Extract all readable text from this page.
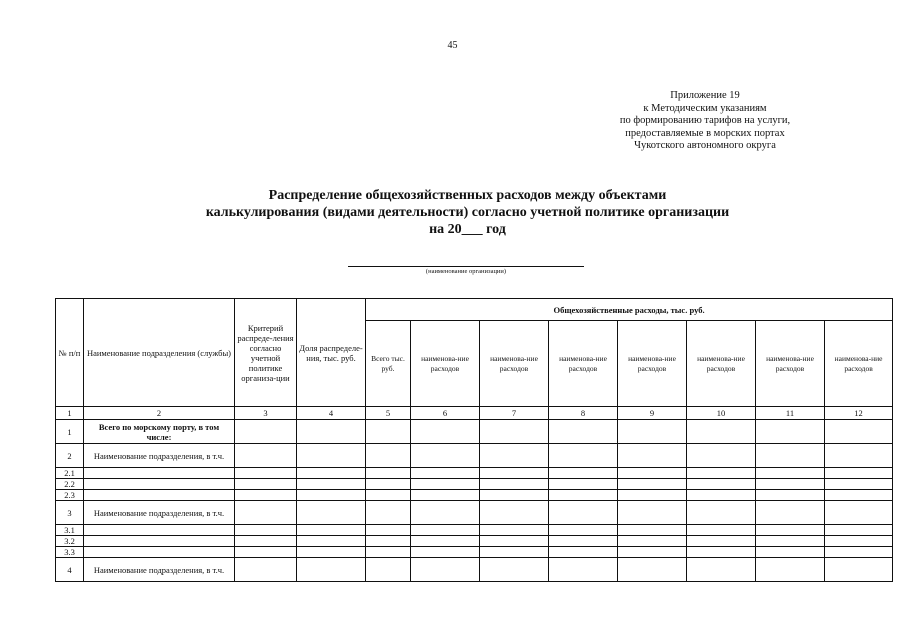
45
Приложение 19
к Методическим указаниям
по формированию тарифов на услуги,
предоставляемые в морских портах
Чукотского автономного округа
Распределение общехозяйственных расходов между объектами
калькулирования (видами деятельности) согласно учетной политике организации
на 20___ год
(наименование организации)
№ п/п	Наименование подразделения (службы)	Критерий распреде-ления согласно учетной политике организа-ции	Доля распределе-ния, тыс. руб.	Общехозяйственные расходы, тыс. руб.							
				Всего тыс. руб.	наименова-ние расходов	наименова-ние расходов	наименова-ние расходов	наименова-ние расходов	наименова-ние расходов	наименова-ние расходов	наименова-ние расходов
1	2	3	4	5	6	7	8	9	10	11	12
1	Всего по морскому порту, в том числе:										
2	Наименование подразделения, в т.ч.										
2.1											
2.2											
2.3											
3	Наименование подразделения, в т.ч.										
3.1											
3.2											
3.3											
4	Наименование подразделения, в т.ч.										
